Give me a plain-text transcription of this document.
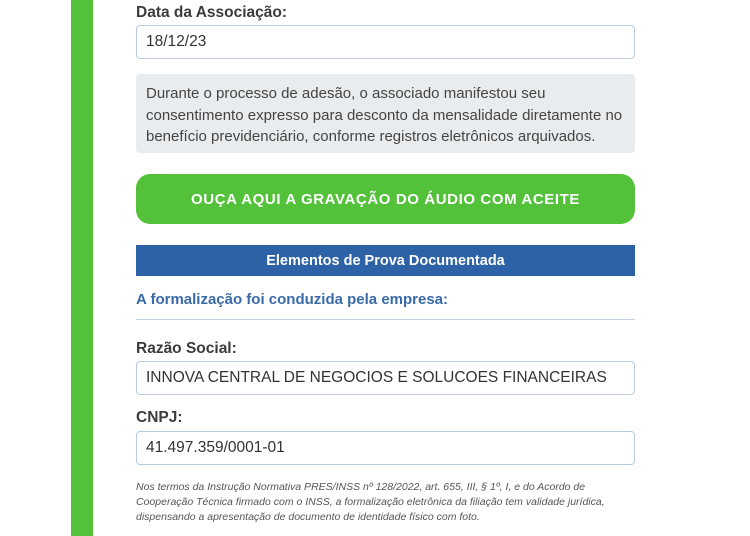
Data da Associação:
18/12/23
Durante o processo de adesão, o associado manifestou seu consentimento expresso para desconto da mensalidade diretamente no benefício previdenciário, conforme registros eletrônicos arquivados.
OUÇA AQUI A GRAVAÇÃO DO ÁUDIO COM ACEITE
Elementos de Prova Documentada
A formalização foi conduzida pela empresa:
Razão Social:
INNOVA CENTRAL DE NEGOCIOS E SOLUCOES FINANCEIRAS
CNPJ:
41.497.359/0001-01
Nos termos da Instrução Normativa PRES/INSS nº 128/2022, art. 655, III, § 1º, I, e do Acordo de Cooperação Técnica firmado com o INSS, a formalização eletrônica da filiação tem validade jurídica, dispensando a apresentação de documento de identidade físico com foto.
